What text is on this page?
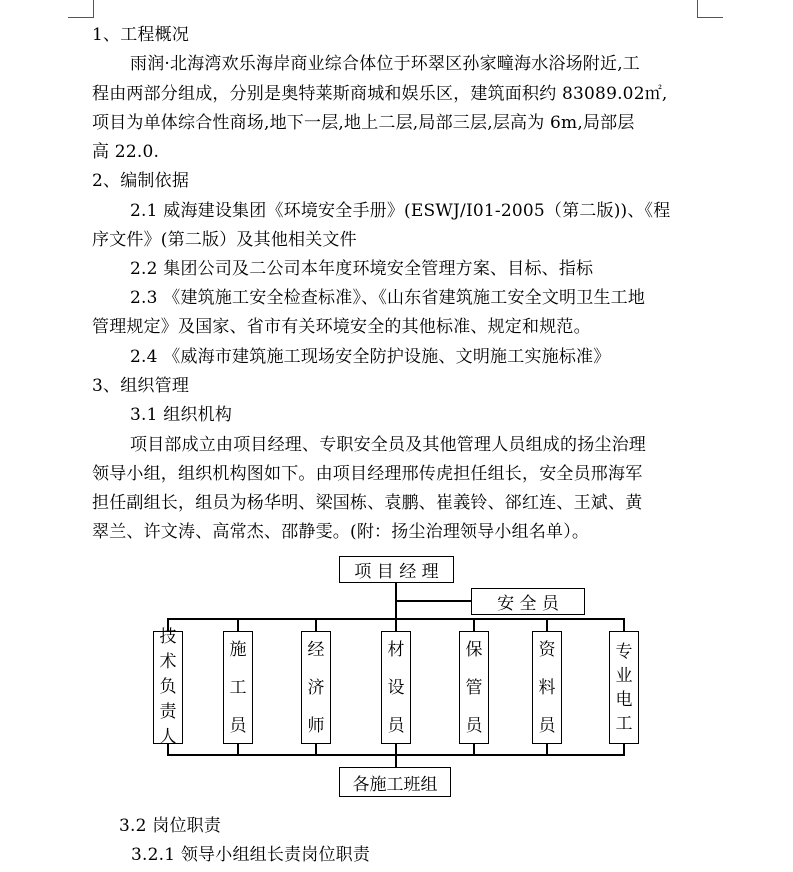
1、工程概况
雨润·北海湾欢乐海岸商业综合体位于环翠区孙家疃海水浴场附近,工
程由两部分组成，分别是奥特莱斯商城和娱乐区，建筑面积约 83089.02㎡,
项目为单体综合性商场,地下一层,地上二层,局部三层,层高为 6m,局部层
高 22.0.
2、编制依据
2.1 威海建设集团《环境安全手册》(ESWJ/I01-2005（第二版))、《程
序文件》(第二版）及其他相关文件
2.2 集团公司及二公司本年度环境安全管理方案、目标、指标
2.3 《建筑施工安全检查标准》、《山东省建筑施工安全文明卫生工地
管理规定》及国家、省市有关环境安全的其他标准、规定和规范。
2.4 《威海市建筑施工现场安全防护设施、文明施工实施标准》
3、组织管理
3.1 组织机构
项目部成立由项目经理、专职安全员及其他管理人员组成的扬尘治理
领导小组，组织机构图如下。由项目经理邢传虎担任组长，安全员邢海军
担任副组长，组员为杨华明、梁国栋、袁鹏、崔義铃、郤红连、王斌、黄
翠兰、许文涛、高常杰、邵静雯。(附：扬尘治理领导小组名单）。
项 目 经 理
安 全 员
技
术
负
责
人
施
工
员
经
济
师
材
设
员
保
管
员
资
料
员
专
业
电
工
各施工班组
3.2 岗位职责
3.2.1 领导小组组长责岗位职责
